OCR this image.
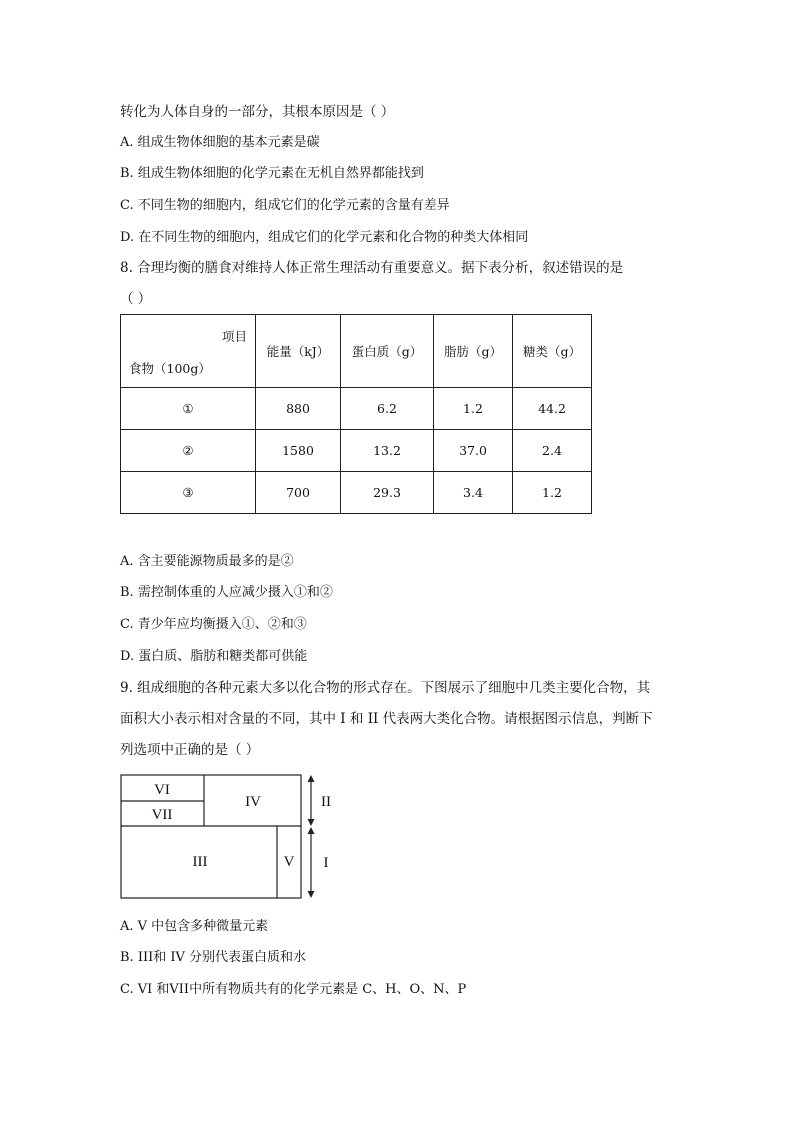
转化为人体自身的一部分，其根本原因是（ ）
A. 组成生物体细胞的基本元素是碳
B. 组成生物体细胞的化学元素在无机自然界都能找到
C. 不同生物的细胞内，组成它们的化学元素的含量有差异
D. 在不同生物的细胞内，组成它们的化学元素和化合物的种类大体相同
8. 合理均衡的膳食对维持人体正常生理活动有重要意义。据下表分析，叙述错误的是
（ ）
项目
食物（100g）	能量（kJ）	蛋白质（g）	脂肪（g）	糖类（g）
①	880	6.2	1.2	44.2
②	1580	13.2	37.0	2.4
③	700	29.3	3.4	1.2
A. 含主要能源物质最多的是②
B. 需控制体重的人应减少摄入①和②
C. 青少年应均衡摄入①、②和③
D. 蛋白质、脂肪和糖类都可供能
9. 组成细胞的各种元素大多以化合物的形式存在。下图展示了细胞中几类主要化合物，其
面积大小表示相对含量的不同，其中 I 和 II 代表两大类化合物。请根据图示信息，判断下
列选项中正确的是（ ）
VI
VII
IV
III	V
II
I
A. V 中包含多种微量元素
B. III和 IV 分别代表蛋白质和水
C. VI 和VII中所有物质共有的化学元素是 C、H、O、N、P
